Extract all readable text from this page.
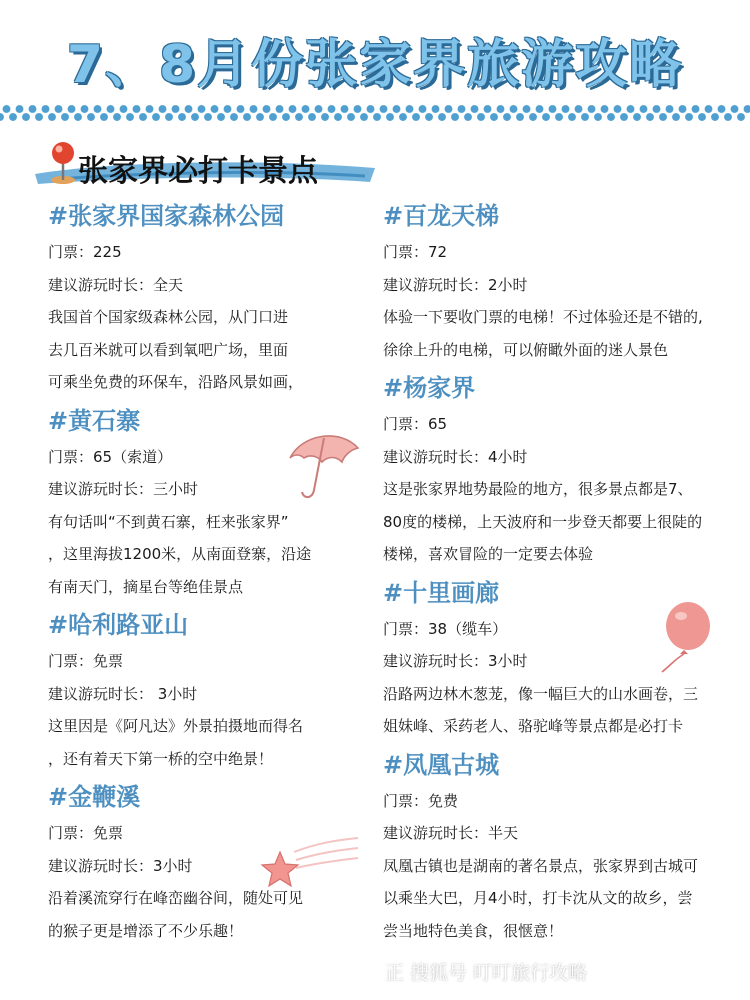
7、8月份张家界旅游攻略
张家界必打卡景点
#张家界国家森林公园
门票：225
建议游玩时长：全天
我国首个国家级森林公园，从门口进
去几百米就可以看到氧吧广场，里面
可乘坐免费的环保车，沿路风景如画，
#黄石寨
门票：65（索道）
建议游玩时长：三小时
有句话叫“不到黄石寨，枉来张家界”
，这里海拔1200米，从南面登寨，沿途
有南天门，摘星台等绝佳景点
#哈利路亚山
门票：免票
建议游玩时长： 3小时
这里因是《阿凡达》外景拍摄地而得名
，还有着天下第一桥的空中绝景！
#金鞭溪
门票：免票
建议游玩时长：3小时
沿着溪流穿行在峰峦幽谷间，随处可见
的猴子更是增添了不少乐趣！
#百龙天梯
门票：72
建议游玩时长：2小时
体验一下要收门票的电梯！不过体验还是不错的,
徐徐上升的电梯，可以俯瞰外面的迷人景色
#杨家界
门票：65
建议游玩时长：4小时
这是张家界地势最险的地方，很多景点都是7、
80度的楼梯，上天波府和一步登天都要上很陡的
楼梯，喜欢冒险的一定要去体验
#十里画廊
门票：38（缆车）
建议游玩时长：3小时
沿路两边林木葱茏，像一幅巨大的山水画卷，三
姐妹峰、采药老人、骆驼峰等景点都是必打卡
#凤凰古城
门票：免费
建议游玩时长：半天
凤凰古镇也是湖南的著名景点，张家界到古城可
以乘坐大巴，月4小时，打卡沈从文的故乡，尝
尝当地特色美食，很惬意！
正 搜狐号 叮叮旅行攻略
